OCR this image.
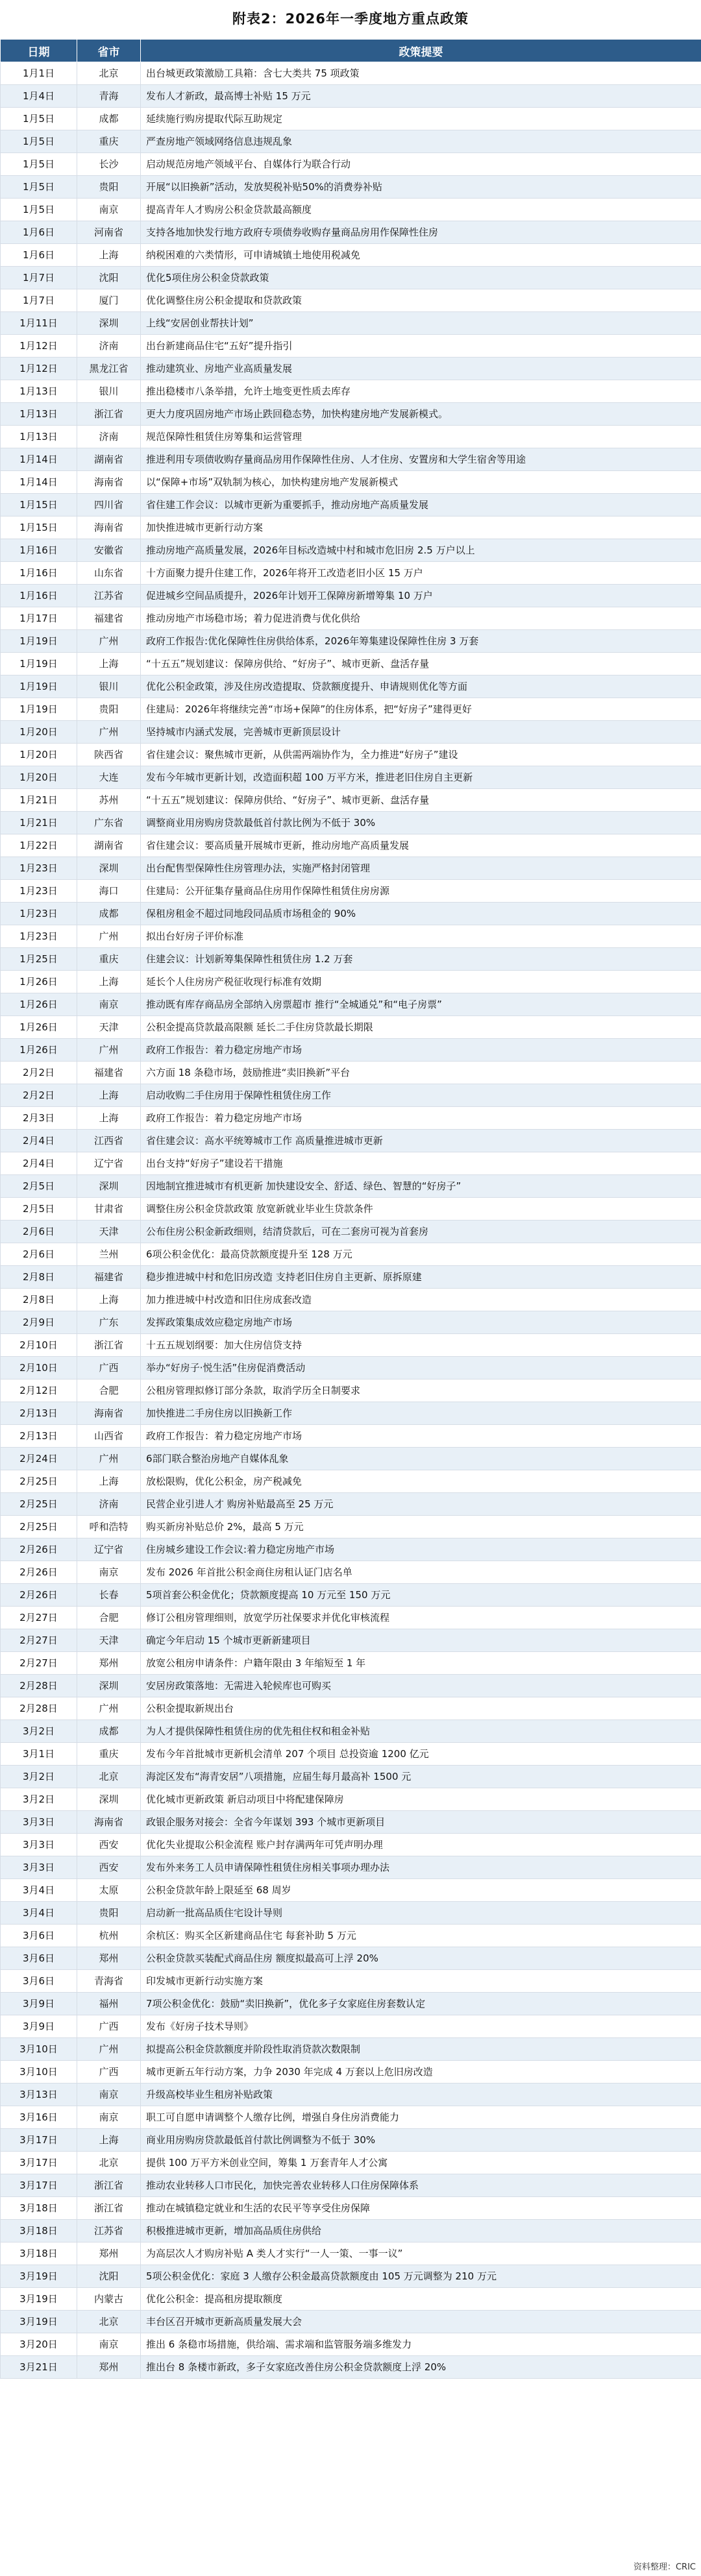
附表2：2026年一季度地方重点政策
日期	省市	政策提要
1月1日	北京	出台城更政策激励工具箱：含七大类共 75 项政策
1月4日	青海	发布人才新政，最高博士补贴 15 万元
1月5日	成都	延续施行购房提取代际互助规定
1月5日	重庆	严查房地产领域网络信息违规乱象
1月5日	长沙	启动规范房地产领域平台、自媒体行为联合行动
1月5日	贵阳	开展“以旧换新”活动，发放契税补贴50%的消费券补贴
1月5日	南京	提高青年人才购房公积金贷款最高额度
1月6日	河南省	支持各地加快发行地方政府专项债券收购存量商品房用作保障性住房
1月6日	上海	纳税困难的六类情形，可申请城镇土地使用税减免
1月7日	沈阳	优化5项住房公积金贷款政策
1月7日	厦门	优化调整住房公积金提取和贷款政策
1月11日	深圳	上线“安居创业帮扶计划”
1月12日	济南	出台新建商品住宅“五好”提升指引
1月12日	黑龙江省	推动建筑业、房地产业高质量发展
1月13日	银川	推出稳楼市八条举措，允许土地变更性质去库存
1月13日	浙江省	更大力度巩固房地产市场止跌回稳态势，加快构建房地产发展新模式。
1月13日	济南	规范保障性租赁住房筹集和运营管理
1月14日	湖南省	推进利用专项债收购存量商品房用作保障性住房、人才住房、安置房和大学生宿舍等用途
1月14日	海南省	以“保障+市场”双轨制为核心，加快构建房地产发展新模式
1月15日	四川省	省住建工作会议：以城市更新为重要抓手，推动房地产高质量发展
1月15日	海南省	加快推进城市更新行动方案
1月16日	安徽省	推动房地产高质量发展，2026年目标改造城中村和城市危旧房 2.5 万户以上
1月16日	山东省	十方面聚力提升住建工作，2026年将开工改造老旧小区 15 万户
1月16日	江苏省	促进城乡空间品质提升，2026年计划开工保障房新增筹集 10 万户
1月17日	福建省	推动房地产市场稳市场；着力促进消费与优化供给
1月19日	广州	政府工作报告:优化保障性住房供给体系，2026年筹集建设保障性住房 3 万套
1月19日	上海	“十五五”规划建议：保障房供给、“好房子”、城市更新、盘活存量
1月19日	银川	优化公积金政策，涉及住房改造提取、贷款额度提升、申请规则优化等方面
1月19日	贵阳	住建局：2026年将继续完善“市场+保障”的住房体系，把“好房子”建得更好
1月20日	广州	坚持城市内涵式发展，完善城市更新顶层设计
1月20日	陕西省	省住建会议：聚焦城市更新，从供需两端协作为，全力推进“好房子”建设
1月20日	大连	发布今年城市更新计划，改造面积超 100 万平方米，推进老旧住房自主更新
1月21日	苏州	“十五五”规划建议：保障房供给、“好房子”、城市更新、盘活存量
1月21日	广东省	调整商业用房购房贷款最低首付款比例为不低于 30%
1月22日	湖南省	省住建会议：要高质量开展城市更新，推动房地产高质量发展
1月23日	深圳	出台配售型保障性住房管理办法，实施严格封闭管理
1月23日	海口	住建局：公开征集存量商品住房用作保障性租赁住房房源
1月23日	成都	保租房租金不超过同地段同品质市场租金的 90%
1月23日	广州	拟出台好房子评价标准
1月25日	重庆	住建会议：计划新筹集保障性租赁住房 1.2 万套
1月26日	上海	延长个人住房房产税征收现行标准有效期
1月26日	南京	推动既有库存商品房全部纳入房票超市 推行“全城通兑”和“电子房票”
1月26日	天津	公积金提高贷款最高限额 延长二手住房贷款最长期限
1月26日	广州	政府工作报告：着力稳定房地产市场
2月2日	福建省	六方面 18 条稳市场，鼓励推进“卖旧换新”平台
2月2日	上海	启动收购二手住房用于保障性租赁住房工作
2月3日	上海	政府工作报告：着力稳定房地产市场
2月4日	江西省	省住建会议：高水平统筹城市工作 高质量推进城市更新
2月4日	辽宁省	出台支持“好房子”建设若干措施
2月5日	深圳	因地制宜推进城市有机更新 加快建设安全、舒适、绿色、智慧的“好房子”
2月5日	甘肃省	调整住房公积金贷款政策 放宽新就业毕业生贷款条件
2月6日	天津	公布住房公积金新政细则，结清贷款后，可在二套房可视为首套房
2月6日	兰州	6项公积金优化：最高贷款额度提升至 128 万元
2月8日	福建省	稳步推进城中村和危旧房改造 支持老旧住房自主更新、原拆原建
2月8日	上海	加力推进城中村改造和旧住房成套改造
2月9日	广东	发挥政策集成效应稳定房地产市场
2月10日	浙江省	十五五规划纲要：加大住房信贷支持
2月10日	广西	举办“好房子·悦生活”住房促消费活动
2月12日	合肥	公租房管理拟修订部分条款，取消学历全日制要求
2月13日	海南省	加快推进二手房住房以旧换新工作
2月13日	山西省	政府工作报告：着力稳定房地产市场
2月24日	广州	6部门联合整治房地产自媒体乱象
2月25日	上海	放松限购，优化公积金，房产税减免
2月25日	济南	民营企业引进人才 购房补贴最高至 25 万元
2月25日	呼和浩特	购买新房补贴总价 2%，最高 5 万元
2月26日	辽宁省	住房城乡建设工作会议:着力稳定房地产市场
2月26日	南京	发布 2026 年首批公积金商住房租认证门店名单
2月26日	长春	5项首套公积金优化；贷款额度提高 10 万元至 150 万元
2月27日	合肥	修订公租房管理细则，放宽学历社保要求并优化审核流程
2月27日	天津	确定今年启动 15 个城市更新新建项目
2月27日	郑州	放宽公租房申请条件：户籍年限由 3 年缩短至 1 年
2月28日	深圳	安居房政策落地：无需进入轮候库也可购买
2月28日	广州	公积金提取新规出台
3月2日	成都	为人才提供保障性租赁住房的优先租住权和租金补贴
3月1日	重庆	发布今年首批城市更新机会清单 207 个项目 总投资逾 1200 亿元
3月2日	北京	海淀区发布“海青安居”八项措施，应届生每月最高补 1500 元
3月2日	深圳	优化城市更新政策 新启动项目中将配建保障房
3月3日	海南省	政银企服务对接会：全省今年谋划 393 个城市更新项目
3月3日	西安	优化失业提取公积金流程 账户封存满两年可凭声明办理
3月3日	西安	发布外来务工人员申请保障性租赁住房相关事项办理办法
3月4日	太原	公积金贷款年龄上限延至 68 周岁
3月4日	贵阳	启动新一批高品质住宅设计导则
3月6日	杭州	余杭区：购买全区新建商品住宅 每套补助 5 万元
3月6日	郑州	公积金贷款买装配式商品住房 额度拟最高可上浮 20%
3月6日	青海省	印发城市更新行动实施方案
3月9日	福州	7项公积金优化：鼓励“卖旧换新”，优化多子女家庭住房套数认定
3月9日	广西	发布《好房子技术导则》
3月10日	广州	拟提高公积金贷款额度并阶段性取消贷款次数限制
3月10日	广西	城市更新五年行动方案，力争 2030 年完成 4 万套以上危旧房改造
3月13日	南京	升级高校毕业生租房补贴政策
3月16日	南京	职工可自愿申请调整个人缴存比例，增强自身住房消费能力
3月17日	上海	商业用房购房贷款最低首付款比例调整为不低于 30%
3月17日	北京	提供 100 万平方米创业空间，筹集 1 万套青年人才公寓
3月17日	浙江省	推动农业转移人口市民化，加快完善农业转移人口住房保障体系
3月18日	浙江省	推动在城镇稳定就业和生活的农民平等享受住房保障
3月18日	江苏省	积极推进城市更新，增加高品质住房供给
3月18日	郑州	为高层次人才购房补贴 A 类人才实行“一人一策、一事一议”
3月19日	沈阳	5项公积金优化：家庭 3 人缴存公积金最高贷款额度由 105 万元调整为 210 万元
3月19日	内蒙古	优化公积金：提高租房提取额度
3月19日	北京	丰台区召开城市更新高质量发展大会
3月20日	南京	推出 6 条稳市场措施，供给端、需求端和监管服务端多维发力
3月21日	郑州	推出台 8 条楼市新政，多子女家庭改善住房公积金贷款额度上浮 20%
资料整理：CRIC
